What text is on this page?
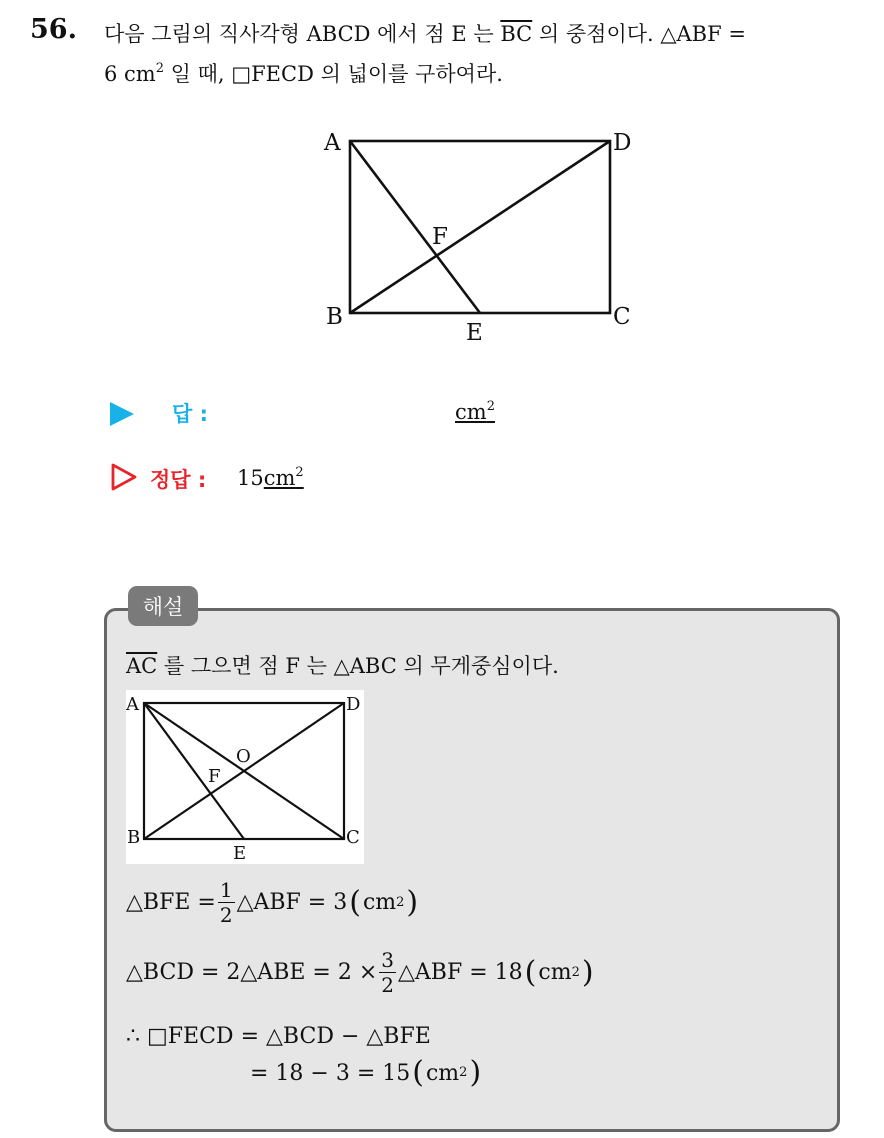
56. 다음 그림의 직사각형 ABCD 에서 점 E 는 $\overline{BC}$ 의 중점이다. △ABF =
6 $cm^2$ 일 때, □FECD 의 넓이를 구하여라.
A	D
B	C
E
F
답 :	$cm^2$
정답 : $15cm^2$
해설
$\overline{AC}$ 를 그으면 점 F 는 △ABC 의 무게중심이다.
A	D
B	C
E
F
O
△BFE = $\frac{1}{2}$ △ABF = 3 ( cm 2 )
△BCD = 2△ABE = $2 \times \frac{3}{2}$ △ABF = 18 ( cm 2 )
∴ □FECD = △BCD − △BFE
= 18 − 3 = 15 ( cm 2 )
